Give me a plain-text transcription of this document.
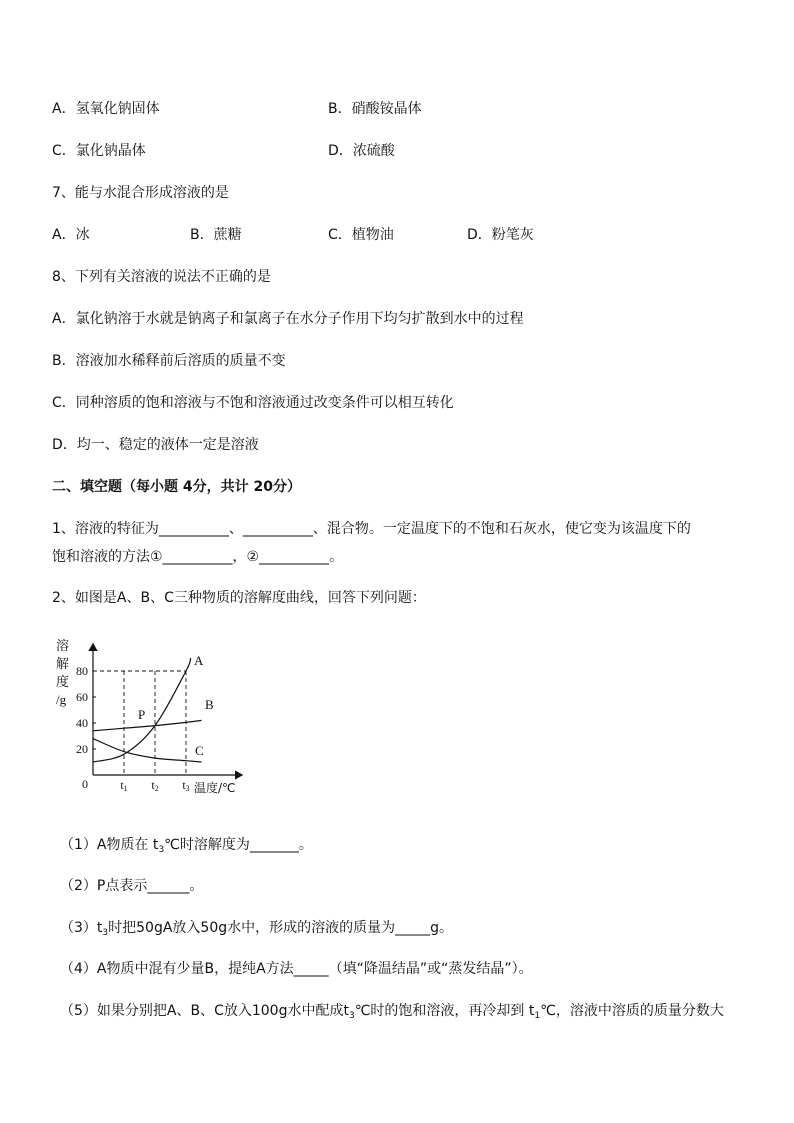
A．氢氧化钠固体	B．硝酸铵晶体
C．氯化钠晶体	D．浓硫酸
7、能与水混合形成溶液的是
A．冰	B．蔗糖	C．植物油	D．粉笔灰
8、下列有关溶液的说法不正确的是
A．氯化钠溶于水就是钠离子和氯离子在水分子作用下均匀扩散到水中的过程
B．溶液加水稀释前后溶质的质量不变
C．同种溶质的饱和溶液与不饱和溶液通过改变条件可以相互转化
D．均一、稳定的液体一定是溶液
二、填空题（每小题 4分，共计 20分）
1、溶液的特征为__________、__________、混合物。一定温度下的不饱和石灰水，使它变为该温度下的
饱和溶液的方法①__________，②__________。
2、如图是A、B、C三种物质的溶解度曲线，回答下列问题：
溶
解
度
/g
0	温度/℃
20
40
60
80
t1 t2 t3
A
B
C
P
（1）A物质在 $t_3℃$时溶解度为_______。
（2）P点表示______。
$(3)t_3$时把50gA放入50g水中，形成的溶液的质量为_____g。
（4）A物质中混有少量B，提纯A方法_____（填“降温结晶”或“蒸发结晶”）。
（5）如果分别把A、B、C放入100g水中配成$t_3℃$时的饱和溶液，再冷却到 $t_1℃$，溶液中溶质的质量分数大
